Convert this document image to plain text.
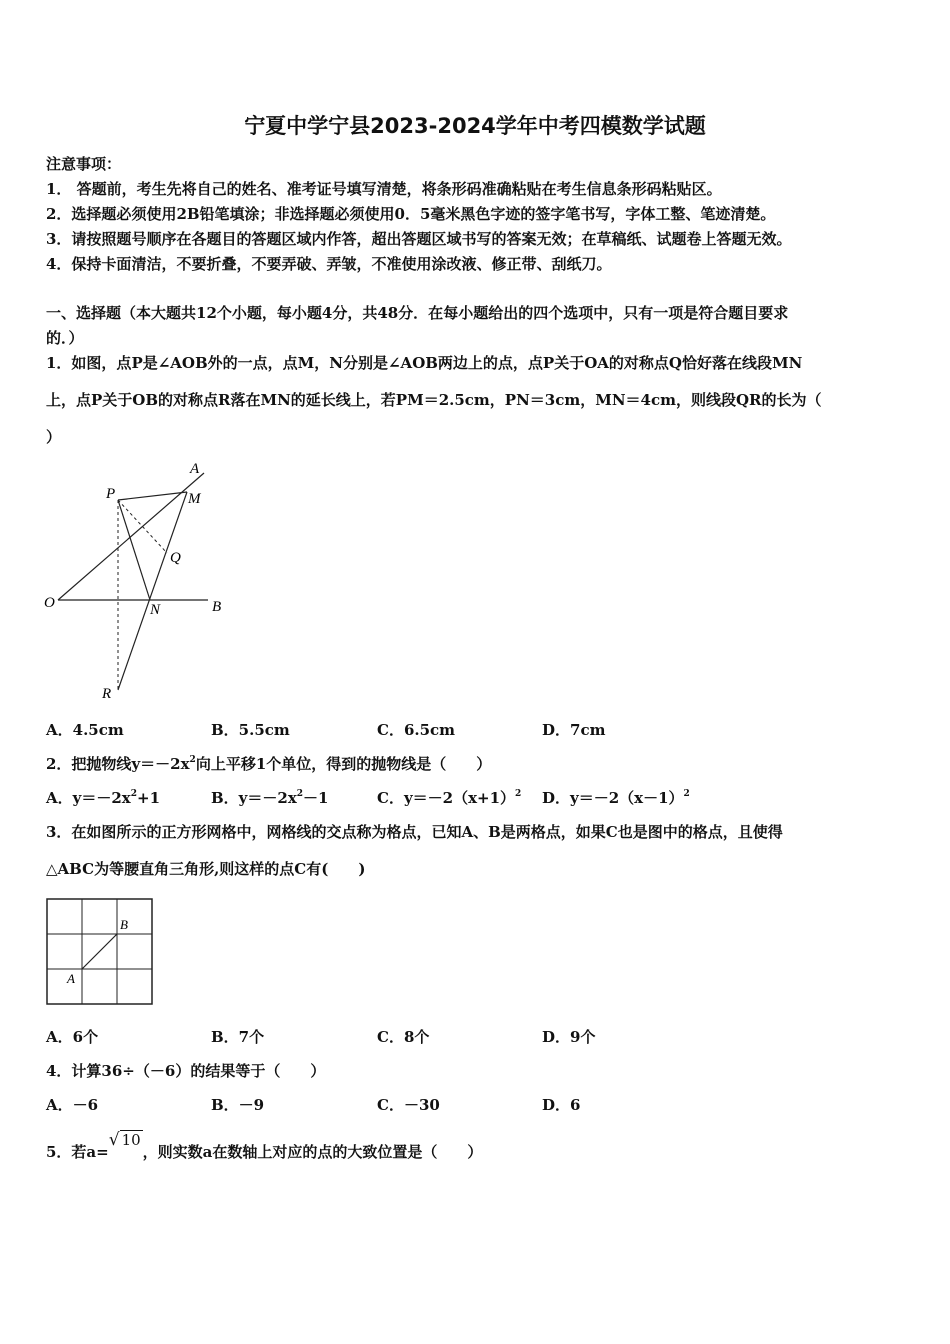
宁夏中学宁县2023-2024学年中考四模数学试题
注意事项：
1． 答题前，考生先将自己的姓名、准考证号填写清楚，将条形码准确粘贴在考生信息条形码粘贴区。
2．选择题必须使用2B铅笔填涂；非选择题必须使用0．5毫米黑色字迹的签字笔书写，字体工整、笔迹清楚。
3．请按照题号顺序在各题目的答题区域内作答，超出答题区域书写的答案无效；在草稿纸、试题卷上答题无效。
4．保持卡面清洁，不要折叠，不要弄破、弄皱，不准使用涂改液、修正带、刮纸刀。
一、选择题（本大题共12个小题，每小题4分，共48分．在每小题给出的四个选项中，只有一项是符合题目要求
的．）
1．如图，点P是∠AOB外的一点，点M，N分别是∠AOB两边上的点，点P关于OA的对称点Q恰好落在线段MN
上，点P关于OB的对称点R落在MN的延长线上，若PM＝2.5cm，PN＝3cm，MN＝4cm，则线段QR的长为（
）
A
M
P
Q
O	N	B
R
A．4.5cm	B．5.5cm	C．6.5cm	D．7cm
2．把抛物线$y=-2x^2$向上平移1个单位，得到的抛物线是（　　）
A．$y=-2x^2+1$	B．$y=-2x^2-1$	C．$y=-2(x+1)^2$ D．$y=-2(x-1)^2$
3．在如图所示的正方形网格中，网格线的交点称为格点，已知A、B是两格点，如果C也是图中的格点，且使得
△ABC为等腰直角三角形,则这样的点C有(　　)
A
B
A．6个	B．7个	C．8个	D．9个
4．计算36÷（－6）的结果等于（　　）
A．－6	B．－9	C．－30	D．6
5．若a=√ 10，则实数a在数轴上对应的点的大致位置是（　　）
